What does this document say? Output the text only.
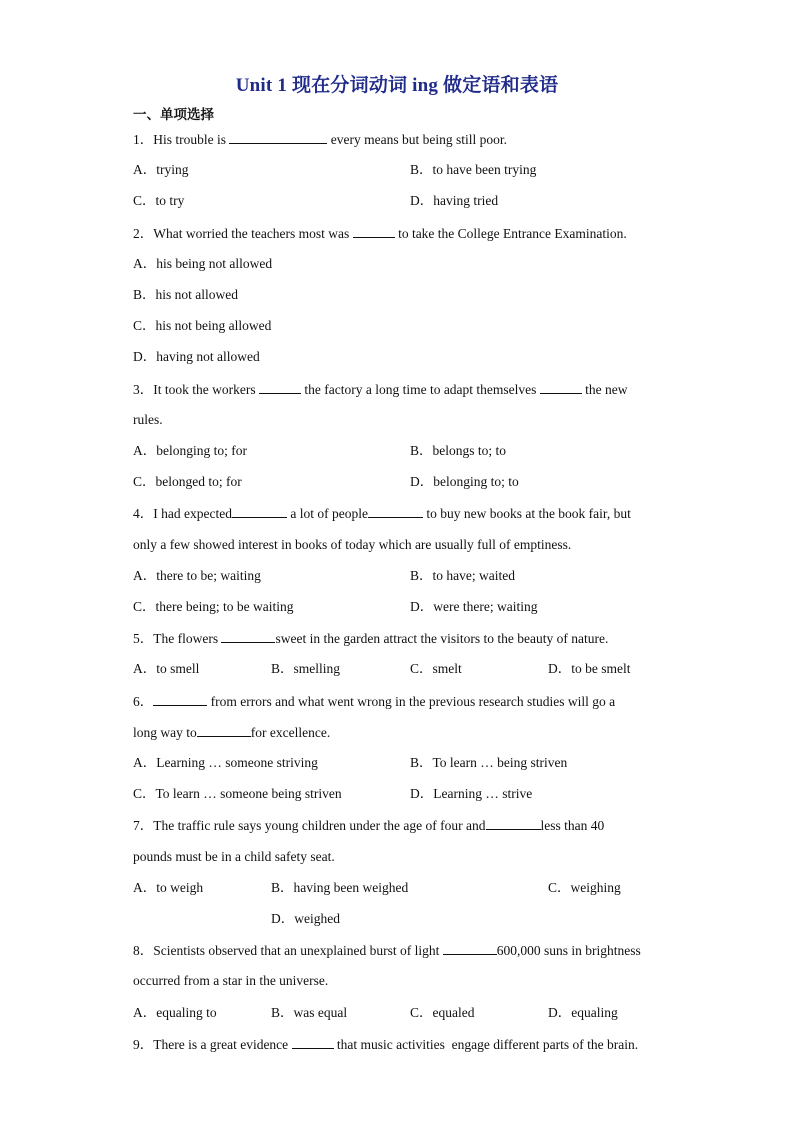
Unit 1 现在分词动词 ing 做定语和表语
一、单项选择
1．His trouble is	every means but being still poor.
A．trying	B．to have been trying
C．to try	D．having tried
2．What worried the teachers most was	to take the College Entrance Examination.
A．his being not allowed
B．his not allowed
C．his not being allowed
D．having not allowed
3．It took the workers	the factory a long time to adapt themselves	the new
rules.
A．belonging to; for	B．belongs to; to
C．belonged to; for	D．belonging to; to
4．I had expected	a lot of people	to buy new books at the book fair, but
only a few showed interest in books of today which are usually full of emptiness.
A．there to be; waiting	B．to have; waited
C．there being; to be waiting	D．were there; waiting
5．The flowers	sweet in the garden attract the visitors to the beauty of nature.
A．to smell	B．smelling	C．smelt	D．to be smelt
6．	from errors and what went wrong in the previous research studies will go a
long way to	for excellence.
A．Learning … someone striving	B．To learn … being striven
C．To learn … someone being striven	D．Learning … strive
7．The traffic rule says young children under the age of four and	less than 40
pounds must be in a child safety seat.
A．to weigh	B．having been weighed	C．weighing
D．weighed
8．Scientists observed that an unexplained burst of light	600,000 suns in brightness
occurred from a star in the universe.
A．equaling to	B．was equal	C．equaled	D．equaling
9．There is a great evidence	that music activities  engage different parts of the brain.
